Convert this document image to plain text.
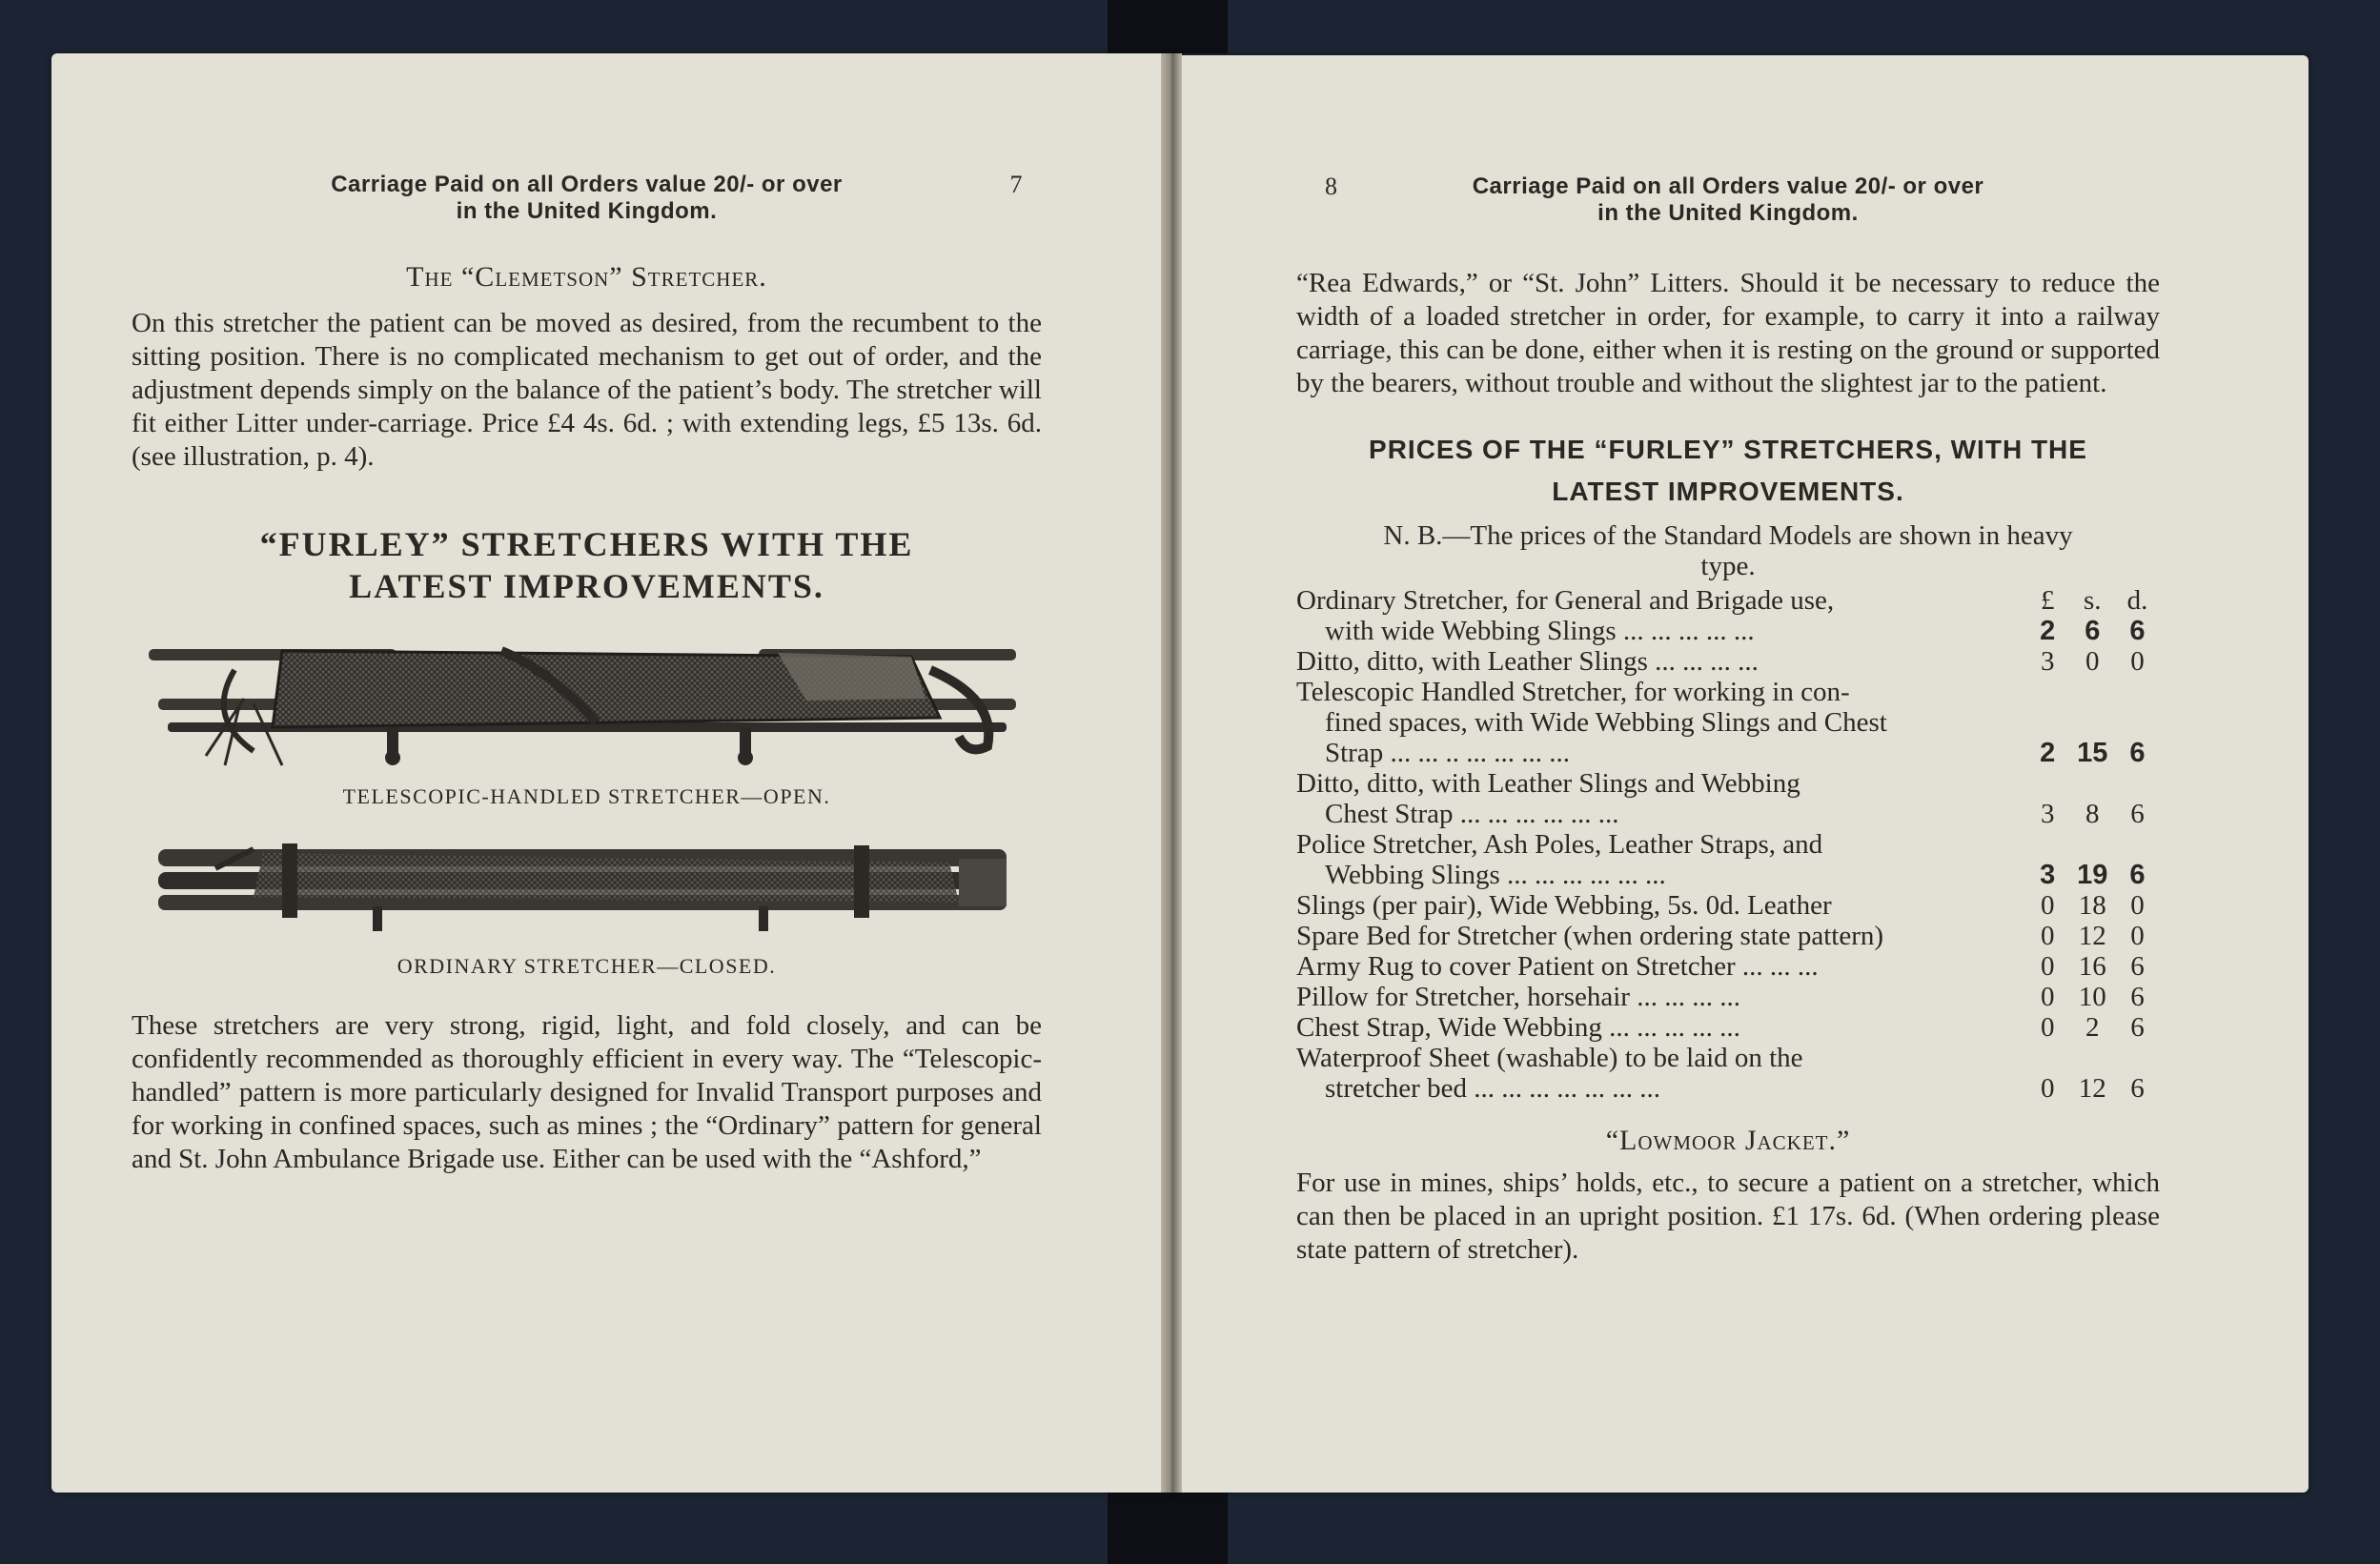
Carriage Paid on all Orders value 20/- or over
in the United Kingdom.
7
The “Clemetson” Stretcher.

On this stretcher the patient can be moved as desired, from the recumbent to the sitting position. There is no complicated mechanism to get out of order, and the adjustment depends simply on the balance of the patient’s body. The stretcher will fit either Litter under-carriage. Price £4 4s. 6d. ; with extending legs, £5 13s. 6d. (see illustration, p. 4).

“FURLEY” STRETCHERS WITH THE
LATEST IMPROVEMENTS.
TELESCOPIC-HANDLED STRETCHER—OPEN.
ORDINARY STRETCHER—CLOSED.

These stretchers are very strong, rigid, light, and fold closely, and can be confidently recommended as thoroughly efficient in every way. The “Telescopic-handled” pattern is more particularly designed for Invalid Transport purposes and for working in confined spaces, such as mines ; the “Ordinary” pattern for general and St. John Ambulance Brigade use. Either can be used with the “Ashford,”

8	Carriage Paid on all Orders value 20/- or over
in the United Kingdom.

“Rea Edwards,” or “St. John” Litters. Should it be necessary to reduce the width of a loaded stretcher in order, for example, to carry it into a railway carriage, this can be done, either when it is resting on the ground or supported by the bearers, without trouble and without the slightest jar to the patient.

PRICES OF THE “FURLEY” STRETCHERS, WITH THE
LATEST IMPROVEMENTS.
N. B.—The prices of the Standard Models are shown in heavy
type.
Ordinary Stretcher, for General and Brigade use,	£	s.	d.
with wide Webbing Slings ... ... ... ... ...	2	6	6
Ditto, ditto, with Leather Slings ... ... ... ...	3	0	0
Telescopic Handled Stretcher, for working in con-			
fined spaces, with Wide Webbing Slings and Chest			
Strap ... ... .. ... ... ... ...	2	15	6
Ditto, ditto, with Leather Slings and Webbing			
Chest Strap ... ... ... ... ... ...	3	8	6
Police Stretcher, Ash Poles, Leather Straps, and			
Webbing Slings ... ... ... ... ... ...	3	19	6
Slings (per pair), Wide Webbing, 5s. 0d. Leather	0	18	0
Spare Bed for Stretcher (when ordering state pattern)	0	12	0
Army Rug to cover Patient on Stretcher ... ... ...	0	16	6
Pillow for Stretcher, horsehair ... ... ... ...	0	10	6
Chest Strap, Wide Webbing ... ... ... ... ...	0	2	6
Waterproof Sheet (washable) to be laid on the			
stretcher bed ... ... ... ... ... ... ...	0	12	6
“Lowmoor Jacket.”

For use in mines, ships’ holds, etc., to secure a patient on a stretcher, which can then be placed in an upright position. £1 17s. 6d. (When ordering please state pattern of stretcher).
